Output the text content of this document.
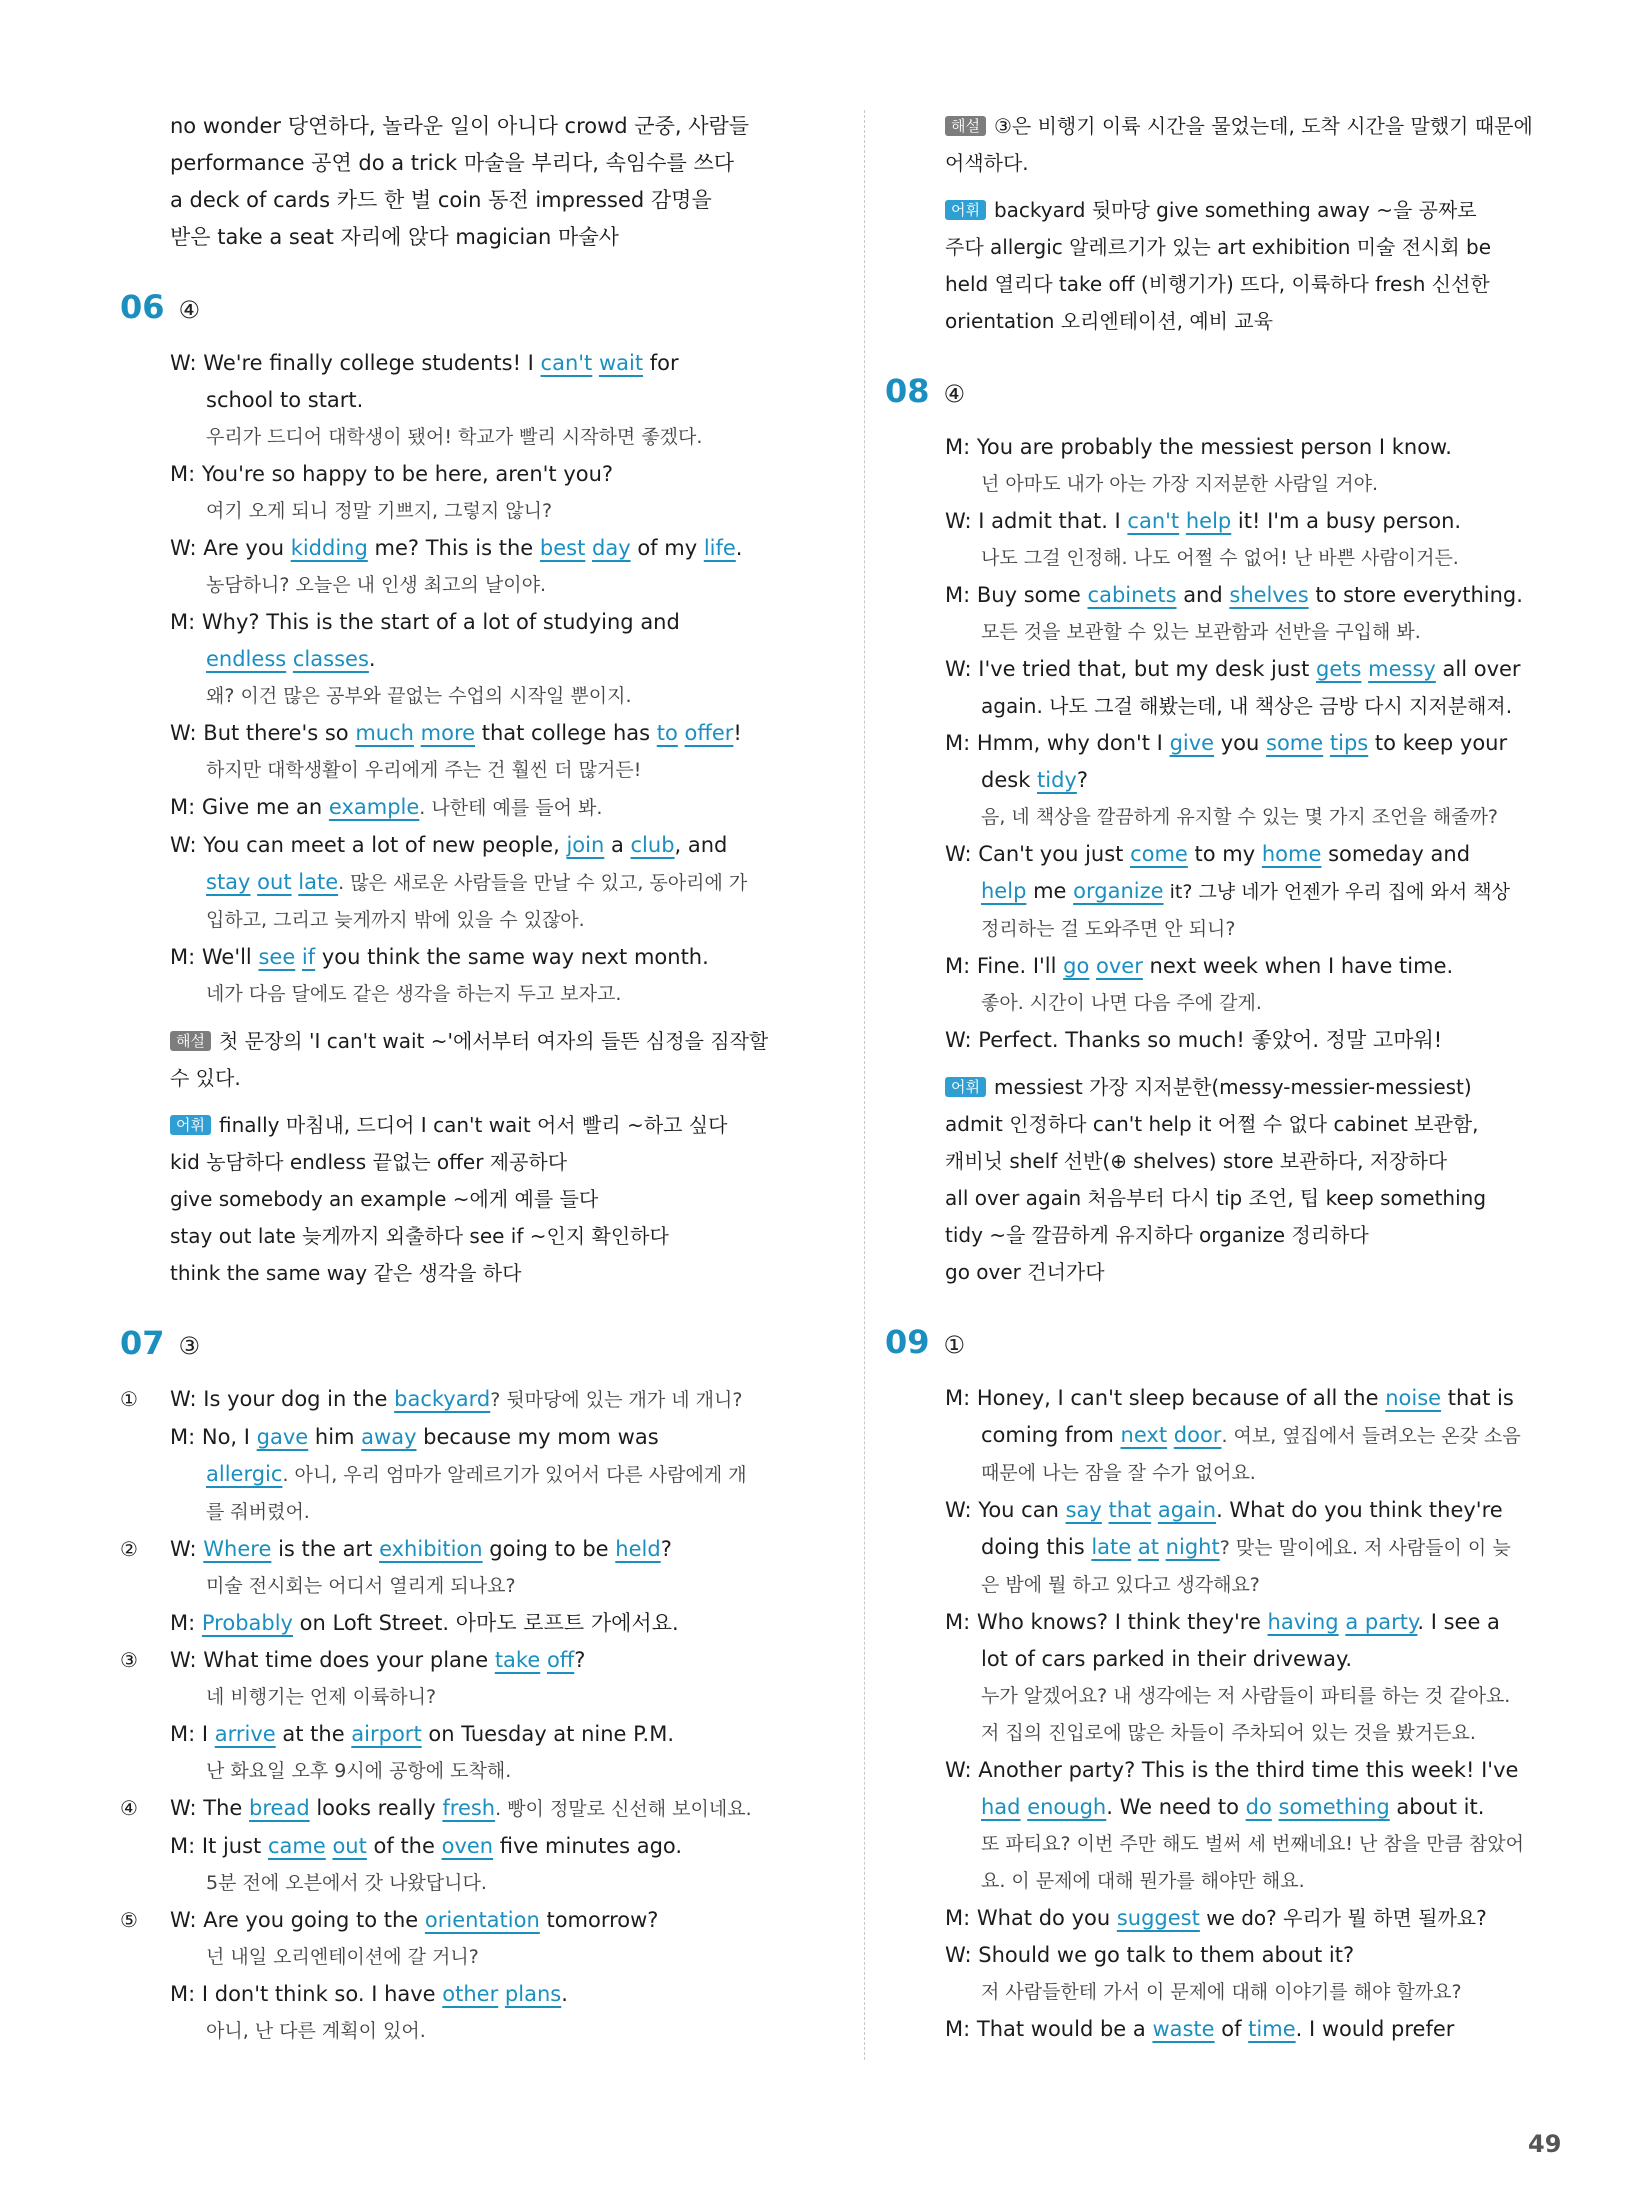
no wonder 당연하다, 놀라운 일이 아니다 crowd 군중, 사람들
performance 공연 do a trick 마술을 부리다, 속임수를 쓰다
a deck of cards 카드 한 벌 coin 동전 impressed 감명을
받은 take a seat 자리에 앉다 magician 마술사
06 ④
W: We're finally college students! I can't wait for
school to start.
우리가 드디어 대학생이 됐어! 학교가 빨리 시작하면 좋겠다.
M: You're so happy to be here, aren't you?
여기 오게 되니 정말 기쁘지, 그렇지 않니?
W: Are you kidding me? This is the best day of my life.
농담하니? 오늘은 내 인생 최고의 날이야.
M: Why? This is the start of a lot of studying and
endless classes.
왜? 이건 많은 공부와 끝없는 수업의 시작일 뿐이지.
W: But there's so much more that college has to offer!
하지만 대학생활이 우리에게 주는 건 훨씬 더 많거든!
M: Give me an example. 나한테 예를 들어 봐.
W: You can meet a lot of new people, join a club, and
stay out late. 많은 새로운 사람들을 만날 수 있고, 동아리에 가
입하고, 그리고 늦게까지 밖에 있을 수 있잖아.
M: We'll see if you think the same way next month.
네가 다음 달에도 같은 생각을 하는지 두고 보자고.
해설 첫 문장의 'I can't wait ~'에서부터 여자의 들뜬 심정을 짐작할
수 있다.
어휘 finally 마침내, 드디어 I can't wait 어서 빨리 ~하고 싶다
kid 농담하다 endless 끝없는 offer 제공하다
give somebody an example ~에게 예를 들다
stay out late 늦게까지 외출하다 see if ~인지 확인하다
think the same way 같은 생각을 하다
07 ③
①	W: Is your dog in the backyard? 뒷마당에 있는 개가 네 개니?
M: No, I gave him away because my mom was
allergic. 아니, 우리 엄마가 알레르기가 있어서 다른 사람에게 개
를 줘버렸어.
②	W: Where is the art exhibition going to be held?
미술 전시회는 어디서 열리게 되나요?
M: Probably on Loft Street. 아마도 로프트 가에서요.
③	W: What time does your plane take off?
네 비행기는 언제 이륙하니?
M: I arrive at the airport on Tuesday at nine P.M.
난 화요일 오후 9시에 공항에 도착해.
④	W: The bread looks really fresh. 빵이 정말로 신선해 보이네요.
M: It just came out of the oven five minutes ago.
5분 전에 오븐에서 갓 나왔답니다.
⑤	W: Are you going to the orientation tomorrow?
넌 내일 오리엔테이션에 갈 거니?
M: I don't think so. I have other plans.
아니, 난 다른 계획이 있어.
해설 ③은 비행기 이륙 시간을 물었는데, 도착 시간을 말했기 때문에
어색하다.
어휘 backyard 뒷마당 give something away ~을 공짜로
주다 allergic 알레르기가 있는 art exhibition 미술 전시회 be
held 열리다 take off (비행기가) 뜨다, 이륙하다 fresh 신선한
orientation 오리엔테이션, 예비 교육
08 ④
M: You are probably the messiest person I know.
넌 아마도 내가 아는 가장 지저분한 사람일 거야.
W: I admit that. I can't help it! I'm a busy person.
나도 그걸 인정해. 나도 어쩔 수 없어! 난 바쁜 사람이거든.
M: Buy some cabinets and shelves to store everything.
모든 것을 보관할 수 있는 보관함과 선반을 구입해 봐.
W: I've tried that, but my desk just gets messy all over
again. 나도 그걸 해봤는데, 내 책상은 금방 다시 지저분해져.
M: Hmm, why don't I give you some tips to keep your
desk tidy?
음, 네 책상을 깔끔하게 유지할 수 있는 몇 가지 조언을 해줄까?
W: Can't you just come to my home someday and
help me organize it? 그냥 네가 언젠가 우리 집에 와서 책상
정리하는 걸 도와주면 안 되니?
M: Fine. I'll go over next week when I have time.
좋아. 시간이 나면 다음 주에 갈게.
W: Perfect. Thanks so much! 좋았어. 정말 고마워!
어휘 messiest 가장 지저분한(messy-messier-messiest)
admit 인정하다 can't help it 어쩔 수 없다 cabinet 보관함,
캐비닛 shelf 선반(⊕ shelves) store 보관하다, 저장하다
all over again 처음부터 다시 tip 조언, 팁 keep something
tidy ~을 깔끔하게 유지하다 organize 정리하다
go over 건너가다
09 ①
M: Honey, I can't sleep because of all the noise that is
coming from next door. 여보, 옆집에서 들려오는 온갖 소음
때문에 나는 잠을 잘 수가 없어요.
W: You can say that again. What do you think they're
doing this late at night? 맞는 말이에요. 저 사람들이 이 늦
은 밤에 뭘 하고 있다고 생각해요?
M: Who knows? I think they're having a party. I see a
lot of cars parked in their driveway.
누가 알겠어요? 내 생각에는 저 사람들이 파티를 하는 것 같아요.
저 집의 진입로에 많은 차들이 주차되어 있는 것을 봤거든요.
W: Another party? This is the third time this week! I've
had enough. We need to do something about it.
또 파티요? 이번 주만 해도 벌써 세 번째네요! 난 참을 만큼 참았어
요. 이 문제에 대해 뭔가를 해야만 해요.
M: What do you suggest we do? 우리가 뭘 하면 될까요?
W: Should we go talk to them about it?
저 사람들한테 가서 이 문제에 대해 이야기를 해야 할까요?
M: That would be a waste of time. I would prefer
49
